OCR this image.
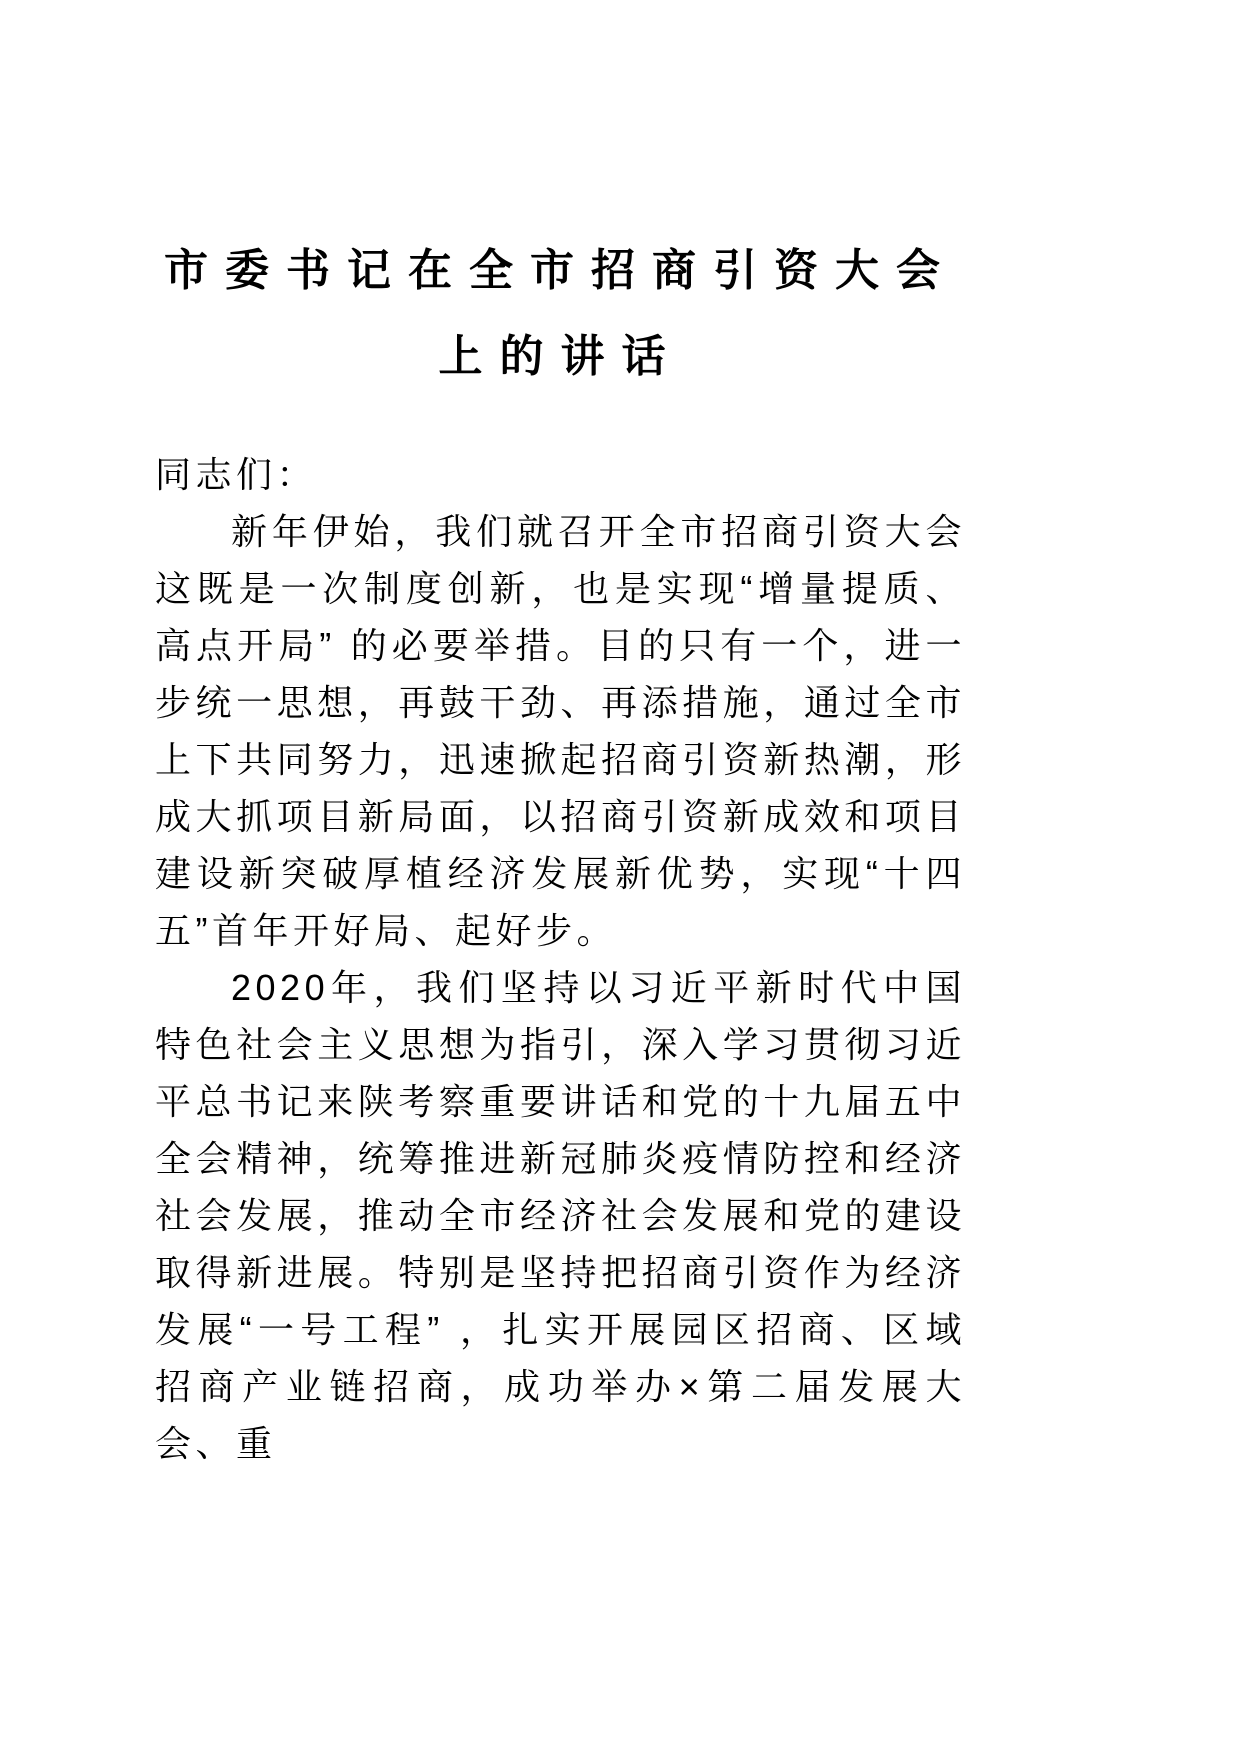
市委书记在全市招商引资大会
上的讲话

同志们：

新年伊始，我们就召开全市招商引资大会这既是一次制度创新，也是实现“增量提质、高点开局” 的必要举措。目的只有一个，进一步统一思想，再鼓干劲、再添措施，通过全市上下共同努力，迅速掀起招商引资新热潮，形成大抓项目新局面，以招商引资新成效和项目建设新突破厚植经济发展新优势，实现“十四五”首年开好局、起好步。

2020年，我们坚持以习近平新时代中国特色社会主义思想为指引，深入学习贯彻习近平总书记来陕考察重要讲话和党的十九届五中全会精神，统筹推进新冠肺炎疫情防控和经济社会发展，推动全市经济社会发展和党的建设取得新进展。特别是坚持把招商引资作为经济发展“一号工程” ，扎实开展园区招商、区域招商产业链招商，成功举办×第二届发展大会、重
